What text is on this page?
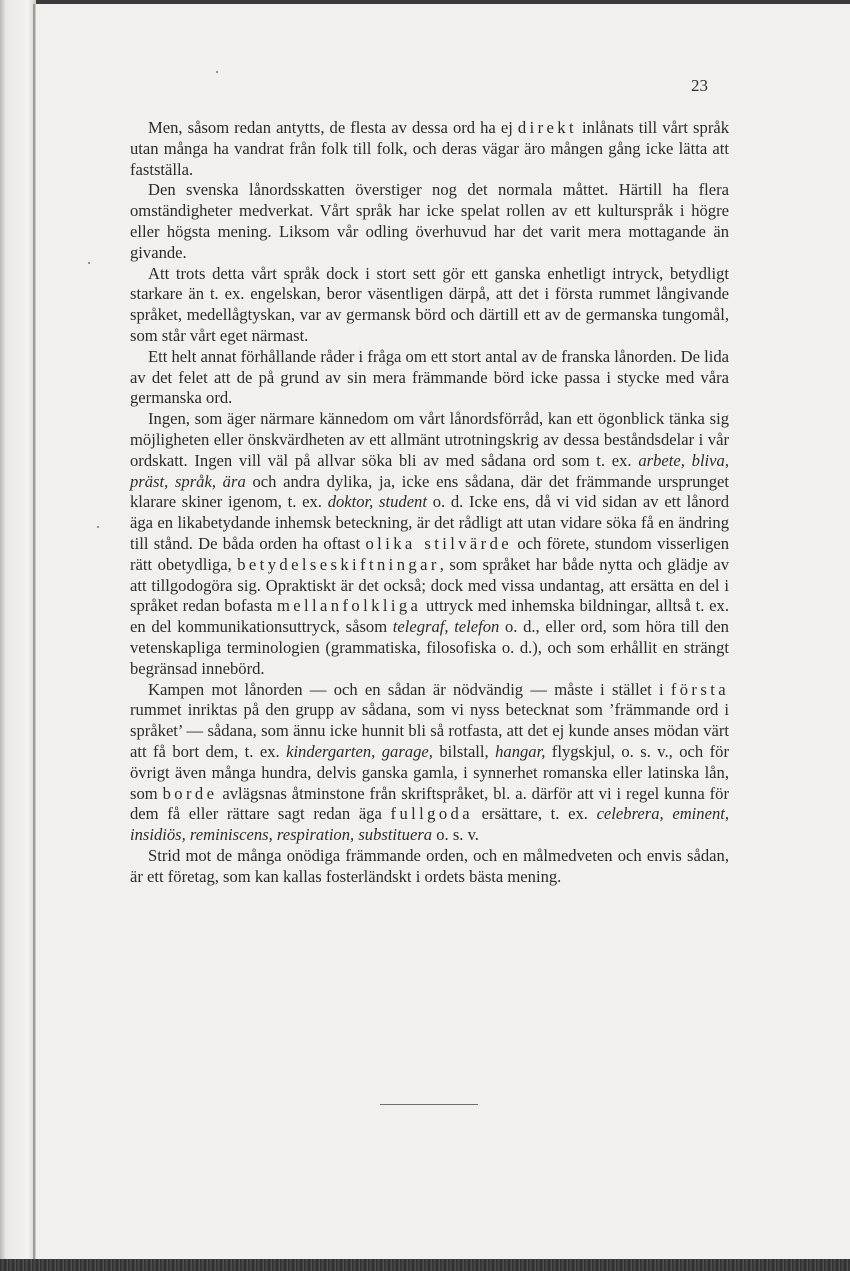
23

Men, såsom redan antytts, de flesta av dessa ord ha ej direkt inlånats till vårt språk utan många ha vandrat från folk till folk, och deras vägar äro mången gång icke lätta att fastställa.

Den svenska lånordsskatten överstiger nog det normala måttet. Härtill ha flera omständigheter medverkat. Vårt språk har icke spelat rollen av ett kulturspråk i högre eller högsta mening. Liksom vår odling överhuvud har det varit mera mottagande än givande.

Att trots detta vårt språk dock i stort sett gör ett ganska enhetligt intryck, betydligt starkare än t. ex. engelskan, beror väsentligen därpå, att det i första rummet långivande språket, medellågtyskan, var av germansk börd och därtill ett av de germanska tungomål, som står vårt eget närmast.

Ett helt annat förhållande råder i fråga om ett stort antal av de franska lånorden. De lida av det felet att de på grund av sin mera främmande börd icke passa i stycke med våra germanska ord.

Ingen, som äger närmare kännedom om vårt lånordsförråd, kan ett ögonblick tänka sig möjligheten eller önskvärdheten av ett allmänt utrotningskrig av dessa beståndsdelar i vår ordskatt. Ingen vill väl på allvar söka bli av med sådana ord som t. ex. arbete, bliva, präst, språk, ära och andra dylika, ja, icke ens sådana, där det främmande ursprunget klarare skiner igenom, t. ex. doktor, student o. d. Icke ens, då vi vid sidan av ett lånord äga en likabetydande inhemsk beteckning, är det rådligt att utan vidare söka få en ändring till stånd. De båda orden ha oftast olika stilvärde och förete, stundom visserligen rätt obetydliga, betydelseskiftningar, som språket har både nytta och glädje av att tillgodogöra sig. Opraktiskt är det också; dock med vissa undantag, att ersätta en del i språket redan bofasta mellanfolkliga uttryck med inhemska bildningar, alltså t. ex. en del kommunikationsuttryck, såsom telegraf, telefon o. d., eller ord, som höra till den vetenskapliga terminologien (grammatiska, filosofiska o. d.), och som erhållit en strängt begränsad innebörd.

Kampen mot lånorden — och en sådan är nödvändig — måste i stället i första rummet inriktas på den grupp av sådana, som vi nyss betecknat som ’främmande ord i språket’ — sådana, som ännu icke hunnit bli så rotfasta, att det ej kunde anses mödan värt att få bort dem, t. ex. kindergarten, garage, bilstall, hangar, flygskjul, o. s. v., och för övrigt även många hundra, delvis ganska gamla, i synnerhet romanska eller latinska lån, som borde avlägsnas åtminstone från skriftspråket, bl. a. därför att vi i regel kunna för dem få eller rättare sagt redan äga fullgoda ersättare, t. ex. celebrera, eminent, insidiös, reminiscens, respiration, substituera o. s. v.

Strid mot de många onödiga främmande orden, och en målmedveten och envis sådan, är ett företag, som kan kallas fosterländskt i ordets bästa mening.
